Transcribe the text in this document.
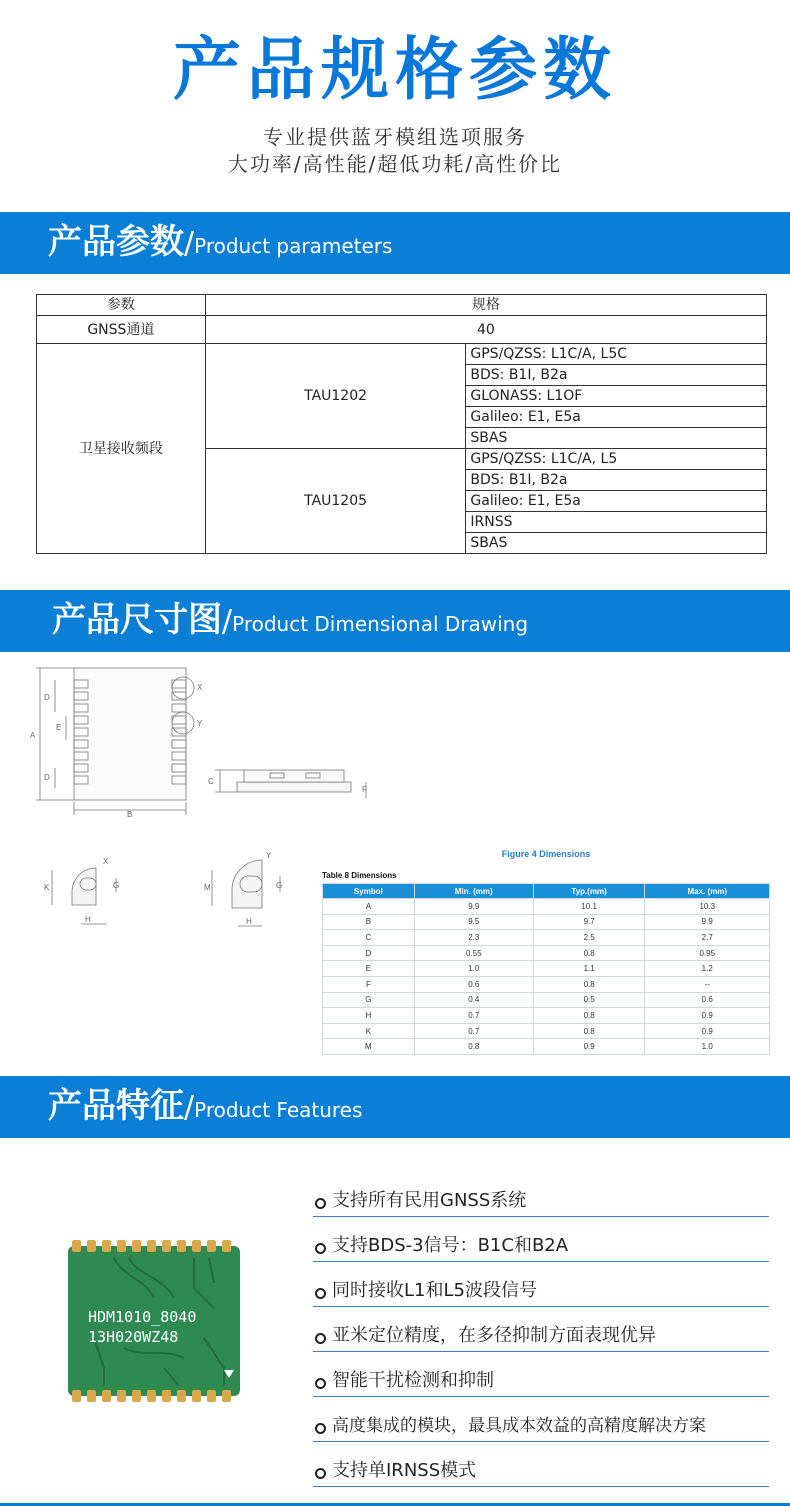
产品规格参数
专业提供蓝牙模组选项服务
大功率/高性能/超低功耗/高性价比
产品参数/Product parameters
参数	规格	
GNSS通道	40	
卫星接收频段	TAU1202	GPS/QZSS: L1C/A, L5C
		BDS: B1I, B2a
		GLONASS: L1OF
		Galileo: E1, E5a
		SBAS
	TAU1205	GPS/QZSS: L1C/A, L5
		BDS: B1I, B2a
		Galileo: E1, E5a
		IRNSS
		SBAS
产品尺寸图/Product Dimensional Drawing
A
D
D
E
B
X
Y
C
F
X
K
H
G
Y
M
H
G
Figure 4 Dimensions
Table 8 Dimensions
Symbol	Min. (mm)	Typ.(mm)	Max. (mm)
A	9.9	10.1	10.3
B	9.5	9.7	9.9
C	2.3	2.5	2.7
D	0.55	0.8	0.95
E	1.0	1.1	1.2
F	0.6	0.8	--
G	0.4	0.5	0.6
H	0.7	0.8	0.9
K	0.7	0.8	0.9
M	0.8	0.9	1.0
产品特征/Product Features
HDM1010_8040
13H020WZ48
支持所有民用GNSS系统
支持BDS-3信号：B1C和B2A
同时接收L1和L5波段信号
亚米定位精度，在多径抑制方面表现优异
智能干扰检测和抑制
高度集成的模块，最具成本效益的高精度解决方案
支持单IRNSS模式
